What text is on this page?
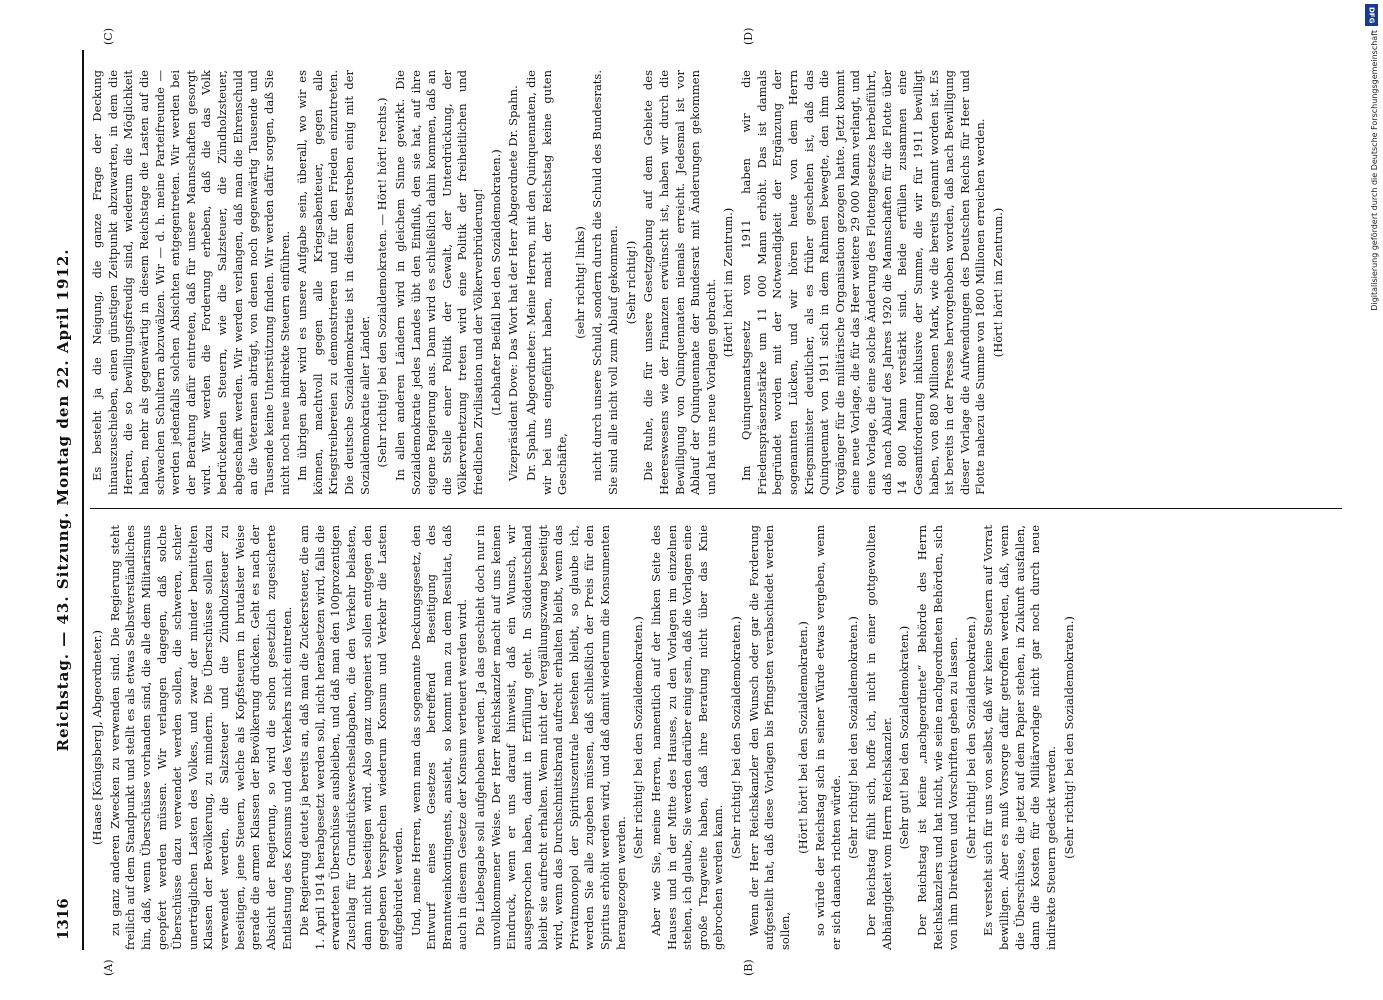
1316
Reichstag. — 43. Sitzung. Montag den 22. April 1912. (Haase [Königsberg], Abgeordneter.) zu ganz anderen Zwecken zu verwenden sind. Die Regierung steht freilich auf dem Standpunkt und stellt es als etwas Selbstverständliches hin, daß, wenn Überschüsse vorhanden sind, die alle dem Militarismus geopfert werden müssen. Wir verlangen dagegen, daß solche Überschüsse dazu verwendet werden sollen, die schweren, schier unerträglichen Lasten des Volkes, und zwar der minder bemittelten Klassen der Bevölkerung, zu mindern. Die Überschüsse sollen dazu verwendet werden, die Salzsteuer und die Zündholzsteuer zu beseitigen, jene Steuern, welche als Kopfsteuern in brutalster Weise gerade die armen Klassen der Bevölkerung drücken. Geht es nach der Absicht der Regierung, so wird die schon gesetzlich zugesicherte Entlastung des Konsums und des Verkehrs nicht eintreten. Die Regierung deutet ja bereits an, daß man die Zuckersteuer, die am 1. April 1914 herabgesetzt werden soll, nicht herabsetzen wird, falls die erwarteten Überschüsse ausbleiben, und daß man den 100prozentigen Zuschlag für Grundstückswechselabgaben, die den Verkehr belasten, dann nicht beseitigen wird. Also ganz ungeniert sollen entgegen den gegebenen Versprechen wiederum Konsum und Verkehr die Lasten aufgebürdet werden. Und, meine Herren, wenn man das sogenannte Deckungsgesetz, den Entwurf eines Gesetzes betreffend Beseitigung des Branntweinkontingents, ansieht, so kommt man zu dem Resultat, daß auch in diesem Gesetze der Konsum verteuert werden wird. Die Liebesgabe soll aufgehoben werden. Ja das geschieht doch nur in unvollkommener Weise. Der Herr Reichskanzler macht auf uns keinen Eindruck, wenn er uns darauf hinweist, daß ein Wunsch, wir ausgesprochen haben, damit in Erfüllung geht. In Süddeutschland bleibt sie aufrecht erhalten. Wenn nicht der Vergällungszwang beseitigt wird, wenn das Durchschnittsbrand aufrecht erhalten bleibt, wenn das Privatmonopol der Spirituszentrale bestehen bleibt, so glaube ich, werden Sie alle zugeben müssen, daß schließlich der Preis für den Spiritus erhöht werden wird, und daß damit wiederum die Konsumenten herangezogen werden.

(Sehr richtig! bei den Sozialdemokraten.) Aber wie Sie, meine Herren, namentlich auf der linken Seite des Hauses und in der Mitte des Hauses, zu den Vorlagen im einzelnen stehen, ich glaube, Sie werden darüber einig sein, daß die Vorlagen eine große Tragweite haben, daß ihre Beratung nicht über das Knie gebrochen werden kann.

(Sehr richtig! bei den Sozialdemokraten.) Wenn der Herr Reichskanzler den Wunsch oder gar die Forderung aufgestellt hat, daß diese Vorlagen bis Pfingsten verabschiedet werden sollen,

(Hört! hört! bei den Sozialdemokraten.) so würde der Reichstag sich in seiner Würde etwas vergeben, wenn er sich danach richten würde.

(Sehr richtig! bei den Sozialdemokraten.) Der Reichstag fühlt sich, hoffe ich, nicht in einer gottgewollten Abhängigkeit vom Herrn Reichskanzler. (Sehr gut! bei den Sozialdemokraten.) Der Reichstag ist keine „nachgeordnete“ Behörde des Herrn Reichskanzlers und hat nicht, wie seine nachgeordneten Behörden, sich von ihm Direktiven und Vorschriften geben zu lassen. (Sehr richtig! bei den Sozialdemokraten.) Es versteht sich für uns von selbst, daß wir keine Steuern auf Vorrat bewilligen. Aber es muß Vorsorge dafür getroffen werden, daß, wenn die Überschüsse, die jetzt auf dem Papier stehen, in Zukunft ausfallen, dann die Kosten für die Militärvorlage nicht gar noch durch neue indirekte Steuern gedeckt werden. (Sehr richtig! bei den Sozialdemokraten.)

Es besteht ja die Neigung, die ganze Frage der Deckung hinauszuschieben, einen günstigen Zeitpunkt abzuwarten, in dem die Herren, die so bewilligungsfreudig sind, wiederum die Möglichkeit haben, mehr als gegenwärtig in diesem Reichstage die Lasten auf die schwachen Schultern abzuwälzen. Wir — d. h. meine Parteifreunde — werden jedenfalls solchen Absichten entgegentreten. Wir werden bei der Beratung dafür eintreten, daß für unsere Mannschaften gesorgt wird. Wir werden die Forderung erheben, daß die das Volk bedrückenden Steuern, wie die Salzsteuer, die Zündholzsteuer, abgeschafft werden. Wir werden verlangen, daß man die Ehrenschuld an die Veteranen abträgt, von denen noch gegenwärtig Tausende und Tausende keine Unterstützung finden. Wir werden dafür sorgen, daß Sie nicht noch neue indirekte Steuern einführen. Im übrigen aber wird es unsere Aufgabe sein, überall, wo wir es können, machtvoll gegen alle Kriegsabenteuer, gegen alle Kriegstreibereien zu demonstrieren und für den Frieden einzutreten. Die deutsche Sozialdemokratie ist in diesem Bestreben einig mit der Sozialdemokratie aller Länder. (Sehr richtig! bei den Sozialdemokraten. — Hört! hört! rechts.) In allen anderen Ländern wird in gleichem Sinne gewirkt. Die Sozialdemokratie jedes Landes übt den Einfluß, den sie hat, auf ihre eigene Regierung aus. Dann wird es schließlich dahin kommen, daß an die Stelle einer Politik der Gewalt, der Unterdrückung, der Völkerverhetzung treten wird eine Politik der freiheitlichen und friedlichen Zivilisation und der Völkerverbrüderung! (Lebhafter Beifall bei den Sozialdemokraten.) Vizepräsident Dove: Das Wort hat der Herr Abgeordnete Dr. Spahn. Dr. Spahn, Abgeordneter: Meine Herren, mit den Quinquennaten, die wir bei uns eingeführt haben, macht der Reichstag keine guten Geschäfte,

(sehr richtig! links) nicht durch unsere Schuld, sondern durch die Schuld des Bundesrats. Sie sind alle nicht voll zum Ablauf gekommen. (Sehr richtig!) Die Ruhe, die für unsere Gesetzgebung auf dem Gebiete des Heereswesens wie der Finanzen erwünscht ist, haben wir durch die Bewilligung von Quinquennaten niemals erreicht. Jedesmal ist vor Ablauf der Quinquennate der Bundesrat mit Änderungen gekommen und hat uns neue Vorlagen gebracht. (Hört! hört! im Zentrum.) Im Quinquennatsgesetz von 1911 haben wir die Friedenspräsenzstärke um 11 000 Mann erhöht. Das ist damals begründet worden mit der Notwendigkeit der Ergänzung der sogenannten Lücken, und wir hören heute von dem Herrn Kriegsminister deutlicher, als es früher geschehen ist, daß das Quinquennat von 1911 sich in dem Rahmen bewegte, den ihm die Vorgänger für die militärische Organisation gezogen hatte. Jetzt kommt eine neue Vorlage, die für das Heer weitere 29 000 Mann verlangt, und eine Vorlage, die eine solche Änderung des Flottengesetzes herbeiführt, daß nach Ablauf des Jahres 1920 die Mannschaften für die Flotte über 14 800 Mann verstärkt sind. Beide erfüllen zusammen eine Gesamtforderung inklusive der Summe, die wir für 1911 bewilligt haben, von 880 Millionen Mark, wie die bereits genannt worden ist. Es ist bereits in der Presse hervorgehoben worden, daß nach Bewilligung dieser Vorlage die Aufwendungen des Deutschen Reichs für Heer und Flotte nahezu die Summe von 1800 Millionen erreichen werden. (Hört! hört! im Zentrum.)

(A)	(B)
(C)	(D)
DFG
Digitalisierung gefördert durch die Deutsche Forschungsgemeinschaft
